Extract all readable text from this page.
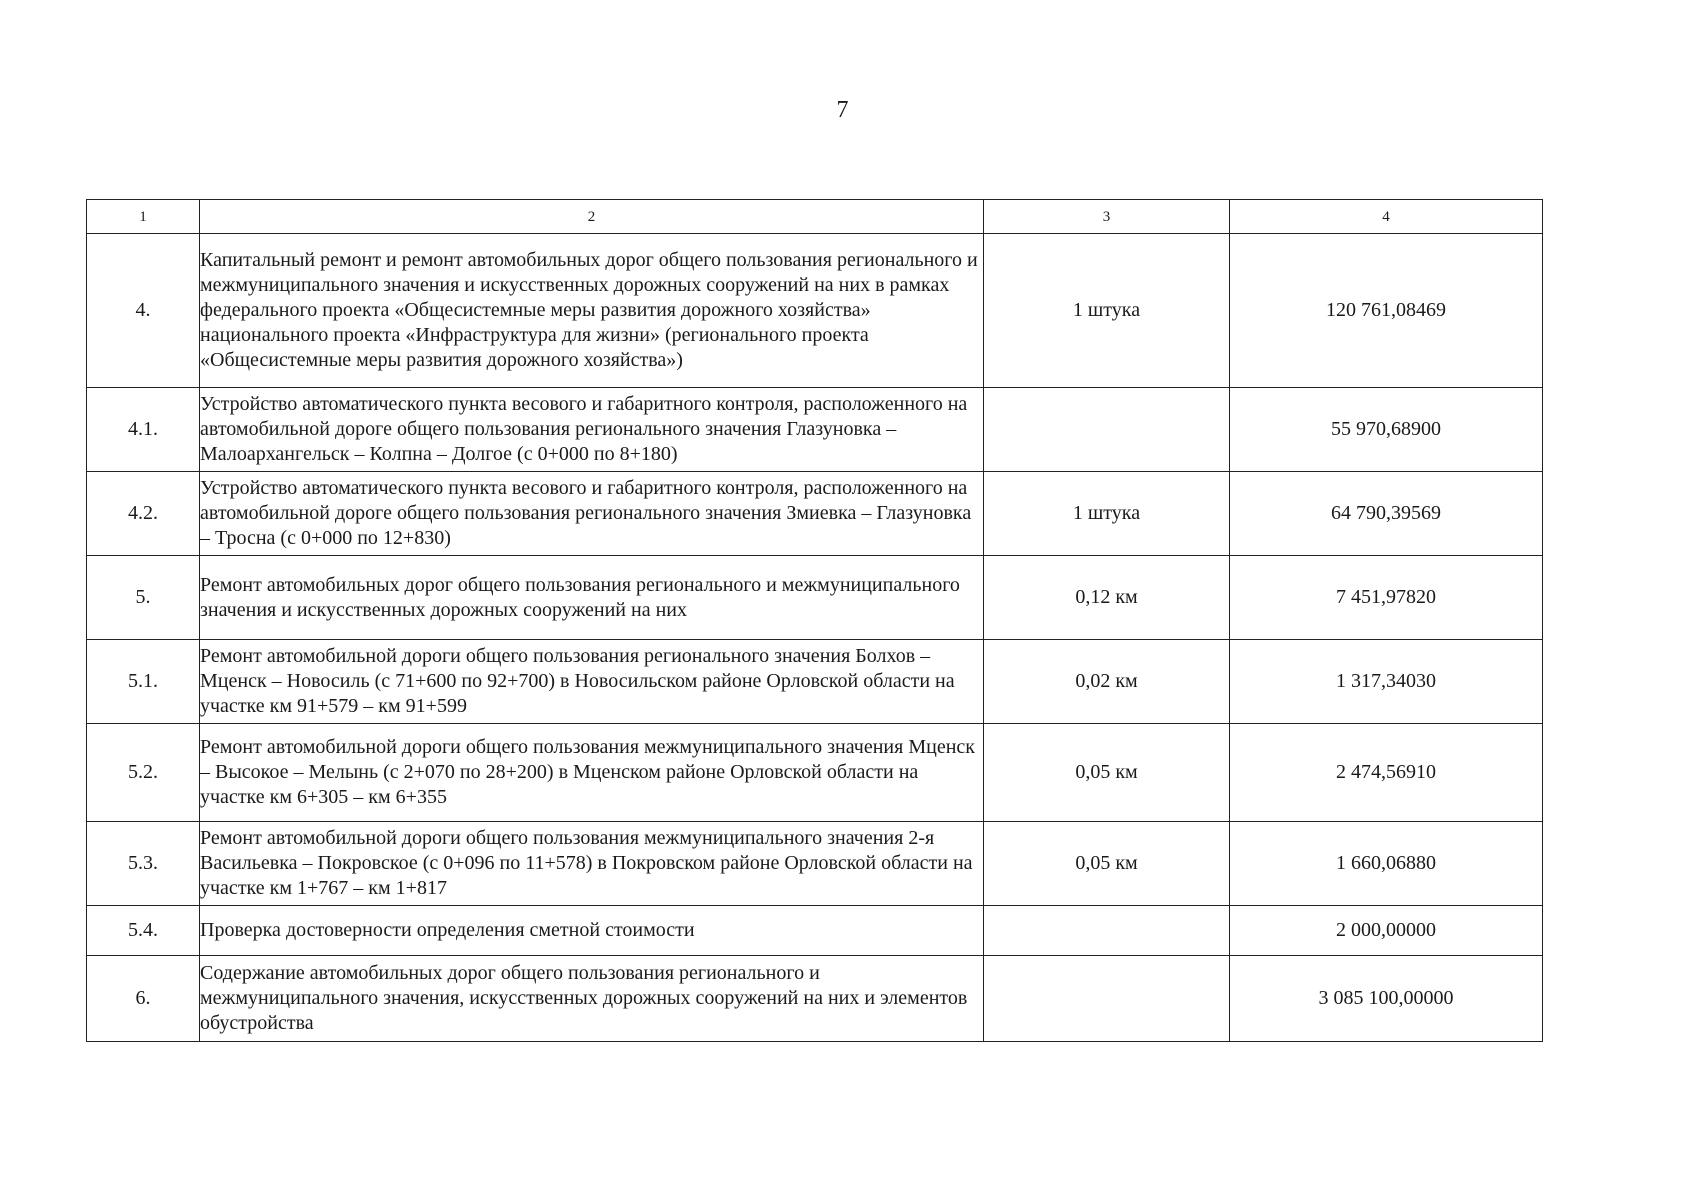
7
1	2	3	4
4.	Капитальный ремонт и ремонт автомобильных дорог общего пользования регионального и межмуниципального значения и искусственных дорожных сооружений на них в рамках федерального проекта «Общесистемные меры развития дорожного хозяйства» национального проекта «Инфраструктура для жизни» (регионального проекта «Общесистемные меры развития дорожного хозяйства»)	1 штука	120 761,08469
4.1.	Устройство автоматического пункта весового и габаритного контроля, расположенного на автомобильной дороге общего пользования регионального значения Глазуновка – Малоархангельск – Колпна – Долгое (с 0+000 по 8+180)		55 970,68900
4.2.	Устройство автоматического пункта весового и габаритного контроля, расположенного на автомобильной дороге общего пользования регионального значения Змиевка – Глазуновка – Тросна (с 0+000 по 12+830)	1 штука	64 790,39569
5.	Ремонт автомобильных дорог общего пользования регионального и межмуниципального значения и искусственных дорожных сооружений на них	0,12 км	7 451,97820
5.1.	Ремонт автомобильной дороги общего пользования регионального значения Болхов – Мценск – Новосиль (с 71+600 по 92+700) в Новосильском районе Орловской области на участке км 91+579 – км 91+599	0,02 км	1 317,34030
5.2.	Ремонт автомобильной дороги общего пользования межмуниципального значения Мценск – Высокое – Мелынь (с 2+070 по 28+200) в Мценском районе Орловской области на участке км 6+305 – км 6+355	0,05 км	2 474,56910
5.3.	Ремонт автомобильной дороги общего пользования межмуниципального значения 2-я Васильевка – Покровское (с 0+096 по 11+578) в Покровском районе Орловской области на участке км 1+767 – км 1+817	0,05 км	1 660,06880
5.4.	Проверка достоверности определения сметной стоимости		2 000,00000
6.	Содержание автомобильных дорог общего пользования регионального и межмуниципального значения, искусственных дорожных сооружений на них и элементов обустройства		3 085 100,00000
